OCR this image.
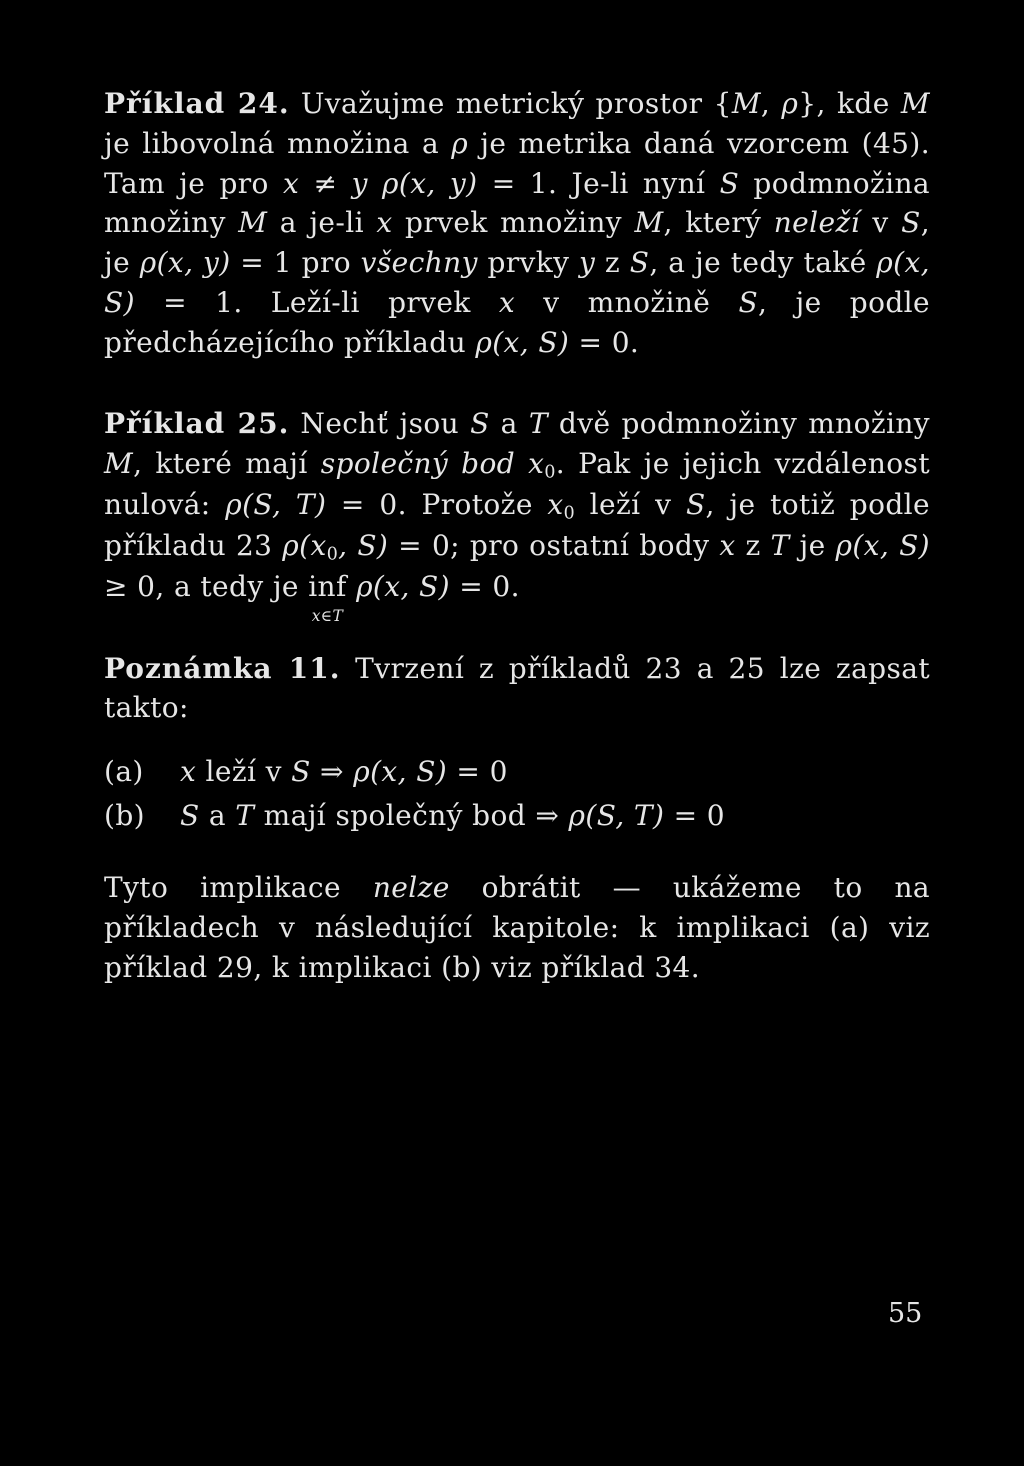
Příklad 24. Uvažujme metrický prostor {M, ρ}, kde M je libovolná množina a ρ je metrika daná vzorcem (45). Tam je pro x ≠ y ρ(x, y) = 1. Je-li nyní S podmnožina množiny M a je-li x prvek množiny M, který neleží v S, je ρ(x, y) = 1 pro všechny prvky y z S, a je tedy také ρ(x, S) = 1. Leží-li prvek x v množině S, je podle předcházejícího příkladu ρ(x, S) = 0.

Příklad 25. Nechť jsou S a T dvě podmnožiny množiny M, které mají společný bod $x_0$. Pak je jejich vzdálenost nulová: ρ(S, T) = 0. Protože $x_0$ leží v S, je totiž podle příkladu 23 $\rho(x_0$, S) = 0; pro ostatní body x z T je ρ(x, S) ≥ 0, a tedy je inf
x∈T
ρ(x, S) = 0.

Poznámka 11. Tvrzení z příkladů 23 a 25 lze zapsat takto:

(a)	x leží v S ⇒ ρ(x, S) = 0
(b)	S a T mají společný bod ⇒ ρ(S, T) = 0

Tyto implikace nelze obrátit — ukážeme to na příkladech v následující kapitole: k implikaci (a) viz příklad 29, k implikaci (b) viz příklad 34.

55
